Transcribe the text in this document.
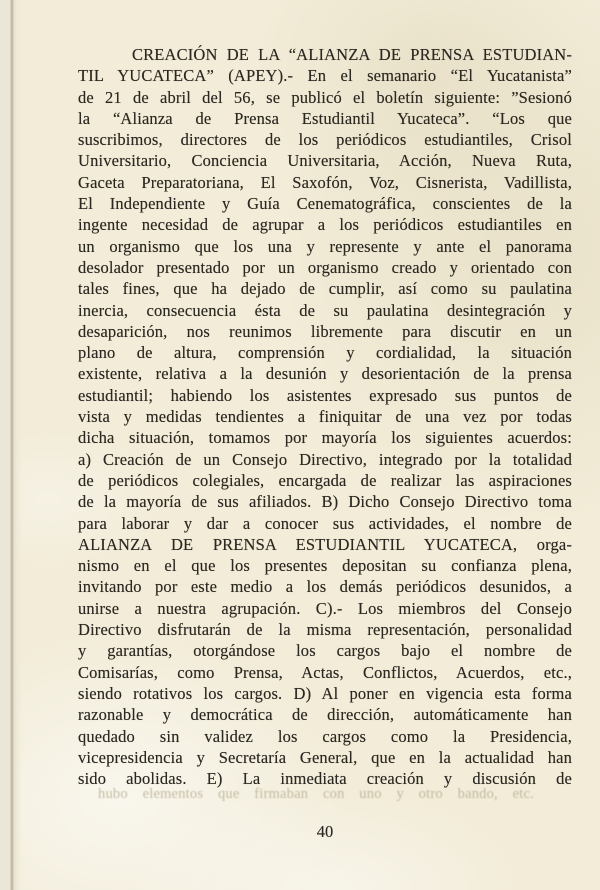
CREACIÓN DE LA “ALIANZA DE PRENSA ESTUDIAN-
TIL YUCATECA” (APEY).- En el semanario “El Yucatanista”
de 21 de abril del 56, se publicó el boletín siguiente: ”Sesionó
la “Alianza de Prensa Estudiantil Yucateca”. “Los que
suscribimos, directores de los periódicos estudiantiles, Crisol
Universitario, Conciencia Universitaria, Acción, Nueva Ruta,
Gaceta Preparatoriana, El Saxofón, Voz, Cisnerista, Vadillista,
El Independiente y Guía Cenematográfica, conscientes de la
ingente necesidad de agrupar a los periódicos estudiantiles en
un organismo que los una y represente y ante el panorama
desolador presentado por un organismo creado y orientado con
tales fines, que ha dejado de cumplir, así como su paulatina
inercia, consecuencia ésta de su paulatina desintegración y
desaparición, nos reunimos libremente para discutir en un
plano de altura, comprensión y cordialidad, la situación
existente, relativa a la desunión y desorientación de la prensa
estudiantil; habiendo los asistentes expresado sus puntos de
vista y medidas tendientes a finiquitar de una vez por todas
dicha situación, tomamos por mayoría los siguientes acuerdos:
a) Creación de un Consejo Directivo, integrado por la totalidad
de periódicos colegiales, encargada de realizar las aspiraciones
de la mayoría de sus afiliados. B) Dicho Consejo Directivo toma
para laborar y dar a conocer sus actividades, el nombre de
ALIANZA DE PRENSA ESTUDIANTIL YUCATECA, orga-
nismo en el que los presentes depositan su confianza plena,
invitando por este medio a los demás periódicos desunidos, a
unirse a nuestra agrupación. C).- Los miembros del Consejo
Directivo disfrutarán de la misma representación, personalidad
y garantías, otorgándose los cargos bajo el nombre de
Comisarías, como Prensa, Actas, Conflictos, Acuerdos, etc.,
siendo rotativos los cargos. D) Al poner en vigencia esta forma
razonable y democrática de dirección, automáticamente han
quedado sin validez los cargos como la Presidencia,
vicepresidencia y Secretaría General, que en la actualidad han
sido abolidas. E) La inmediata creación y discusión de
hubo elementos que firmaban con uno y otro bando, etc.
40
